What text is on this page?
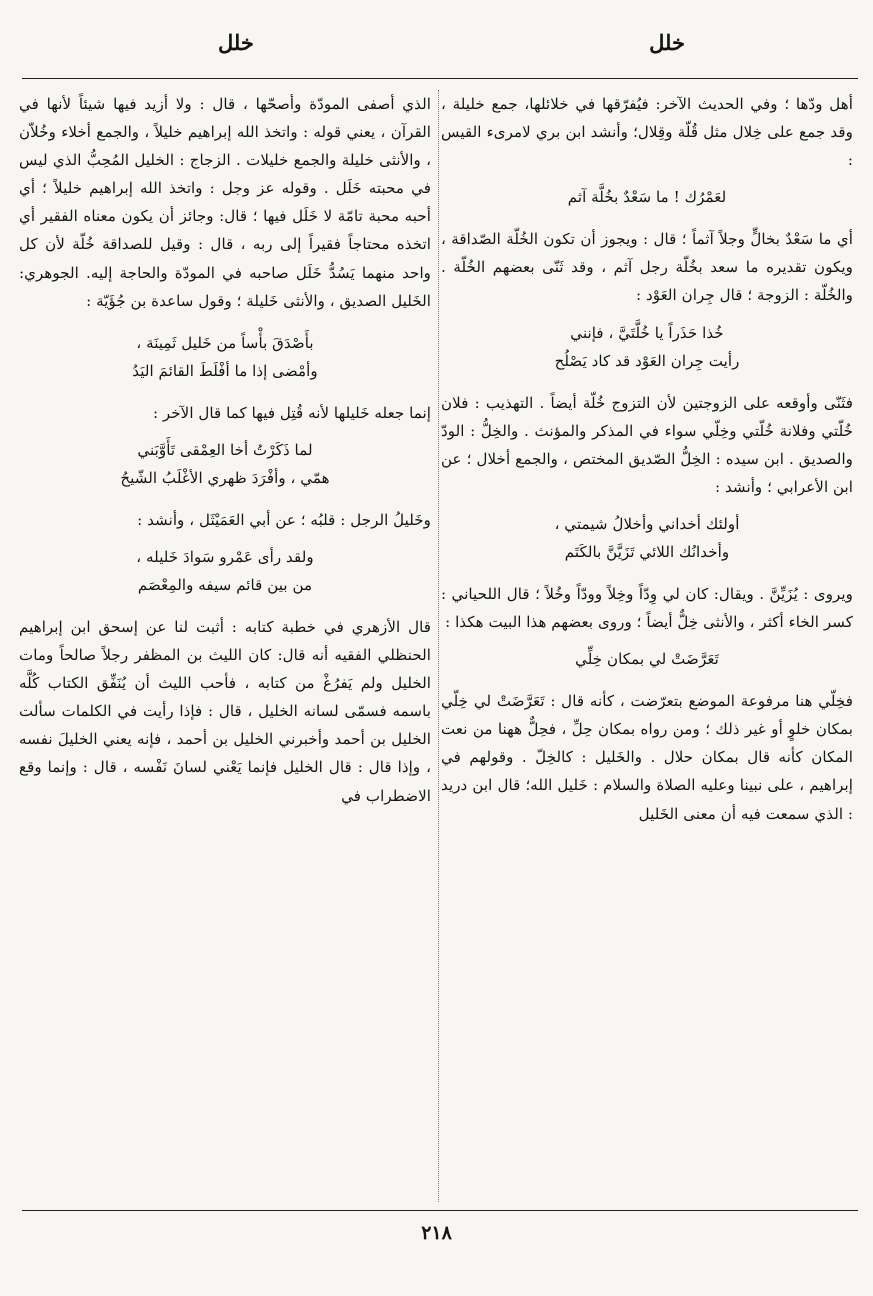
خلل
خلل

أهل ودّها ؛ وفي الحديث الآخر: فيُفرّقها في خلائلها، جمع خليلة ، وقد جمع على خِلال مثل قُلّة وقِلال؛ وأنشد ابن بري لامرىء القيس :

لعَمْرُك ! ما سَعْدٌ بخُلَّة آثم

أي ما سَعْدٌ بخالٍّ وجلاً آثماً ؛ قال : ويجوز أن تكون الخُلّة الصّداقة ، ويكون تقديره ما سعد بخُلّة رجل آثم ، وقد ثَنّى بعضهم الخُلّة . والخُلّة : الزوجة ؛ قال جِران العَوْد :

خُذا حَذَراً يا خُلَّتَيَّ ، فإنني
رأيت جِران العَوْد قد كاد يَصْلُح

فثَنّى وأوقعه على الزوجتين لأن التزوج خُلّة أيضاً . التهذيب : فلان خُلّتي وفلانة خُلّتي وخِلّي سواء في المذكر والمؤنث . والخِلُّ : الودّ والصديق . ابن سيده : الخِلُّ الصّديق المختص ، والجمع أخلال ؛ عن ابن الأعرابي ؛ وأنشد :

أولئك أخداني وأخلالُ شيمتي ،
وأخدانُك اللائي تَزَيَّنَّ بالكَتَم

ويروى : يُزَيِّنَّ . ويقال: كان لي وِدّاً وخِلاً وودّاً وخُلاً ؛ قال اللحياني : كسر الخاء أكثر ، والأنثى خِلٌّ أيضاً ؛ وروى بعضهم هذا البيت هكذا :

تَعَرَّضَتْ لي بمكان خِلِّي

فخِلّي هنا مرفوعة الموضع بتعرّضت ، كأنه قال : تَعَرَّضَتْ لي خِلّي بمكان خلوٍ أو غير ذلك ؛ ومن رواه بمكان حِلِّ ، فحِلٌّ ههنا من نعت المكان كأنه قال بمكان حلال . والخَليل : كالخِلّ . وقولهم في إبراهيم ، على نبينا وعليه الصلاة والسلام : خَليل الله؛ قال ابن دريد : الذي سمعت فيه أن معنى الخَليل

الذي أصفى المودّة وأصحّها ، قال : ولا أزيد فيها شيئاً لأنها في القرآن ، يعني قوله : واتخذ الله إبراهيم خليلاً ، والجمع أخلاء وخُلاّن ، والأنثى خليلة والجمع خليلات . الزجاج : الخليل المُحِبُّ الذي ليس في محبته خَلَل . وقوله عز وجل : واتخذ الله إبراهيم خليلاً ؛ أي أحبه محبة تامّة لا خَلَل فيها ؛ قال: وجائز أن يكون معناه الفقير أي اتخذه محتاجاً فقيراً إلى ربه ، قال : وقيل للصداقة خُلّة لأن كل واحد منهما يَسُدُّ خَلَل صاحبه في المودّة والحاجة إليه. الجوهري: الخَليل الصديق ، والأنثى خَليلة ؛ وقول ساعدة بن جُؤَيّة :

بأَصْدَقَ بأْساً من خَليل ثَمِينَة ،
وأمْضى إذا ما أفْلَطَ القائمَ اليَدُ

إنما جعله خَليلها لأنه قُتِل فيها كما قال الآخر :

لما ذَكَرْتُ أخا العِمْقى تَأَوَّبَني
همّي ، وأفْرَدَ ظهري الأغْلَبُ الشّيحُ

وخَليلُ الرجل : قلبُه ؛ عن أبي العَمَيْثَل ، وأنشد :

ولقد رأى عَمْرو سَوادَ خَليله ،
من بين قائم سيفه والمِعْصَم

قال الأزهري في خطبة كتابه : أثبت لنا عن إسحق ابن إبراهيم الحنظلي الفقيه أنه قال: كان الليث بن المظفر رجلاً صالحاً ومات الخليل ولم يَفرُغْ من كتابه ، فأحب الليث أن يُنَفِّق الكتاب كُلَّه باسمه فسمّى لسانه الخليل ، قال : فإذا رأيت في الكلمات سألت الخليل بن أحمد وأخبرني الخليل بن أحمد ، فإنه يعني الخليلَ نفسه ، وإذا قال : قال الخليل فإنما يَعْني لسانَ نَفْسه ، قال : وإنما وقع الاضطراب في

٢١٨
